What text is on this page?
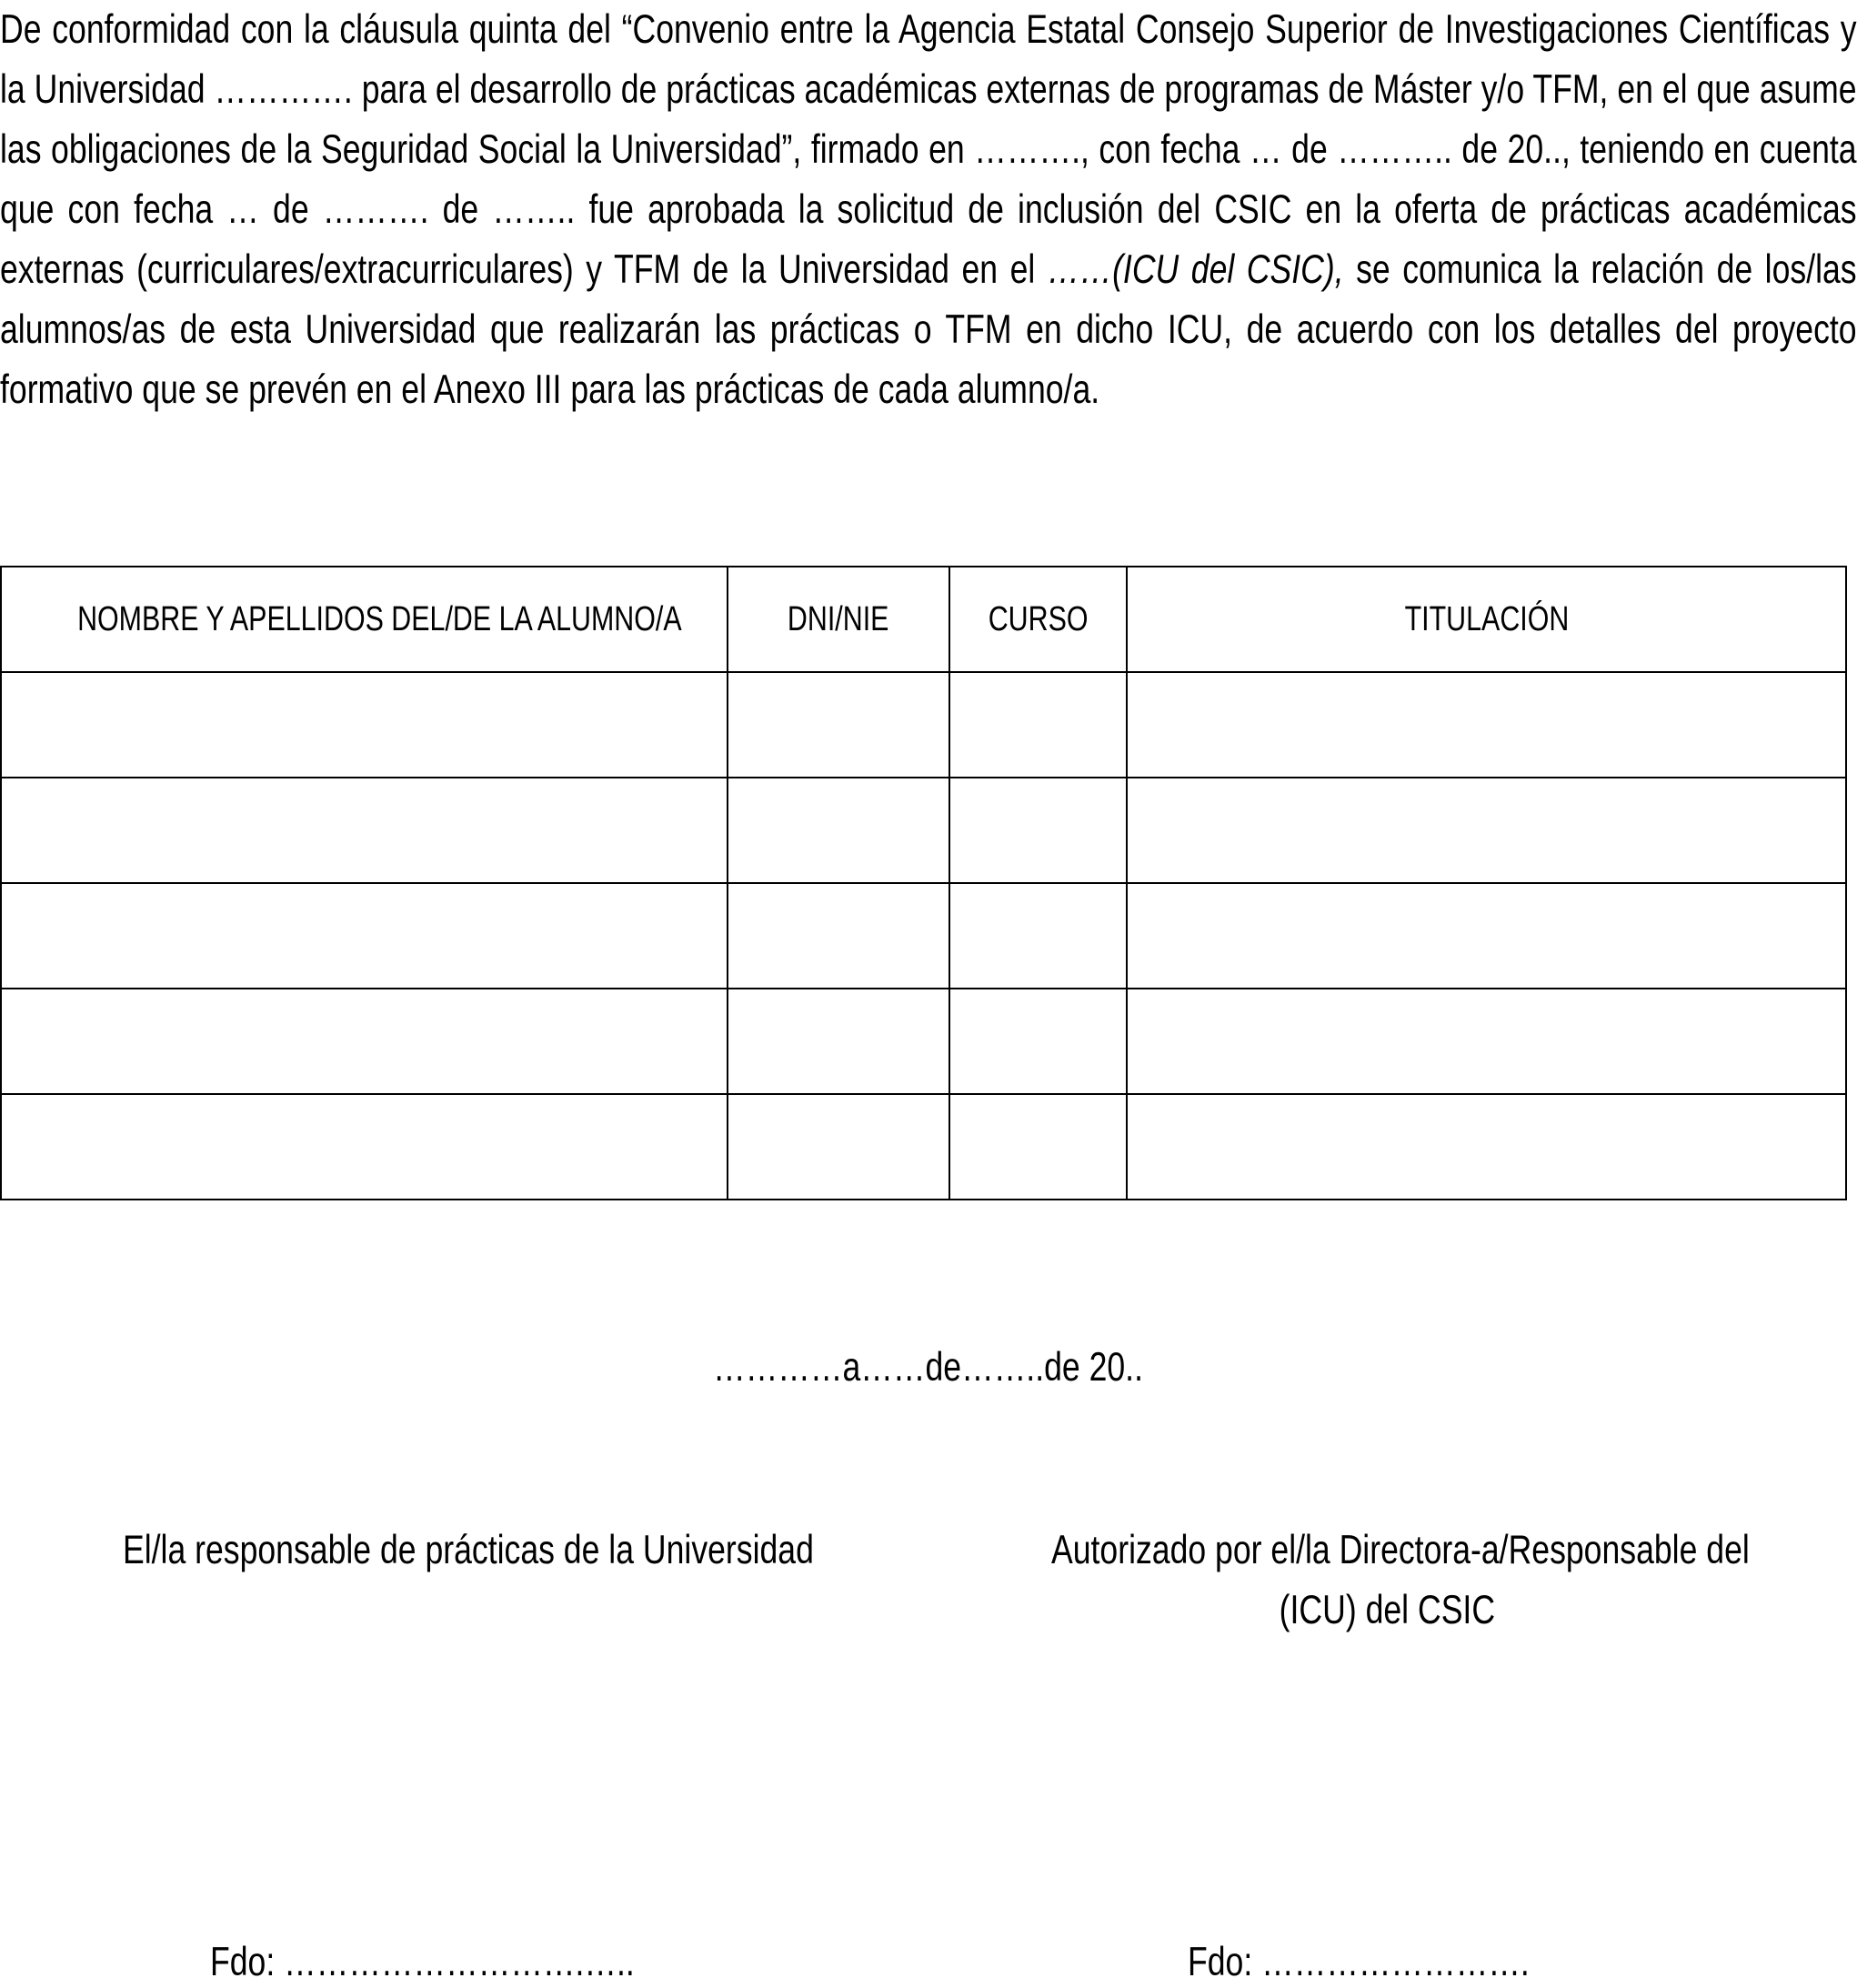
De conformidad con la cláusula quinta del “Convenio entre la Agencia Estatal Consejo Superior de Investigaciones Científicas y la Universidad …………. para el desarrollo de prácticas académicas externas de programas de Máster y/o TFM, en el que asume las obligaciones de la Seguridad Social la Universidad”, firmado en ………., con fecha … de ……….. de 20.., teniendo en cuenta que con fecha … de ………. de …….. fue aprobada la solicitud de inclusión del CSIC en la oferta de prácticas académicas externas (curriculares/extracurriculares) y TFM de la Universidad en el ……(ICU del CSIC), se comunica la relación de los/las alumnos/as de esta Universidad que realizarán las prácticas o TFM en dicho ICU, de acuerdo con los detalles del proyecto formativo que se prevén en el Anexo III para las prácticas de cada alumno/a.

NOMBRE Y APELLIDOS DEL/DE LA ALUMNO/A	DNI/NIE	CURSO	TITULACIÓN

…………a……de……..de 20..
El/la responsable de prácticas de la Universidad	Autorizado por el/la Directora-a/Responsable del
(ICU) del CSIC
Fdo: ……………………….…..	Fdo: …………………….
